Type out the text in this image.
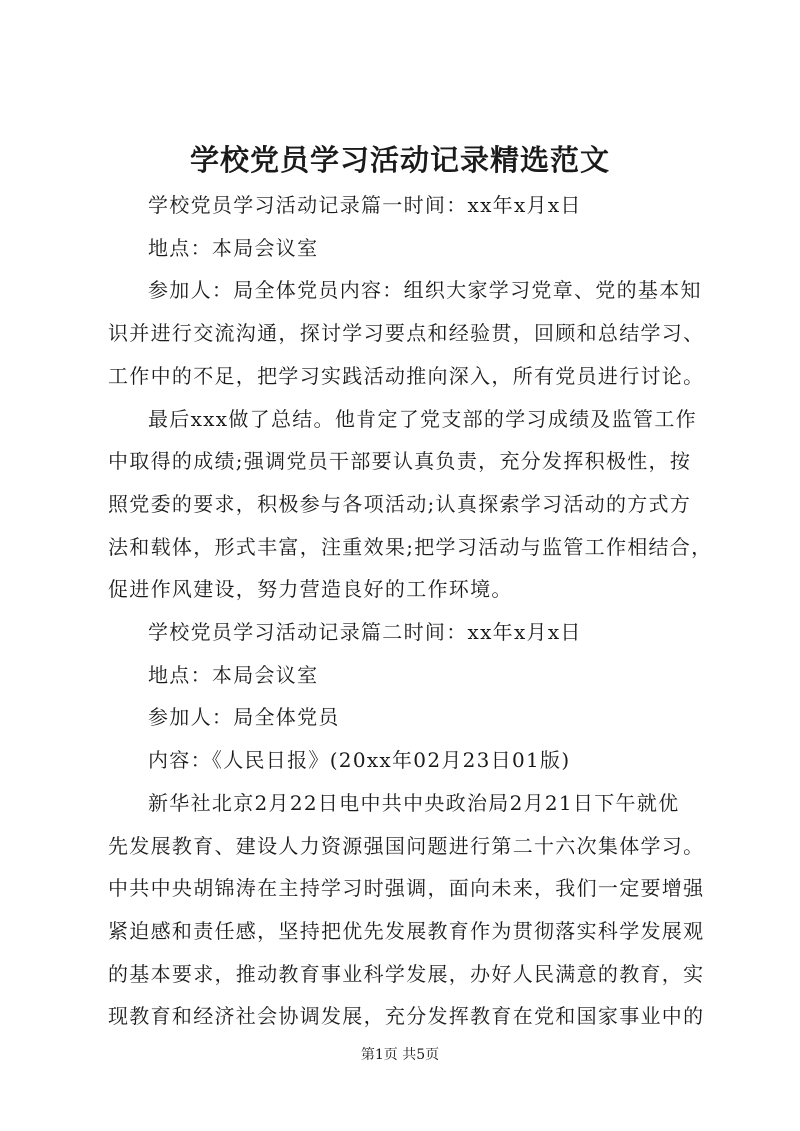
学校党员学习活动记录精选范文
学校党员学习活动记录篇一时间：xx年x月x日
地点：本局会议室
参加人：局全体党员内容：组织大家学习党章、党的基本知
识并进行交流沟通，探讨学习要点和经验贯，回顾和总结学习、
工作中的不足，把学习实践活动推向深入，所有党员进行讨论。
最后xxx做了总结。他肯定了党支部的学习成绩及监管工作
中取得的成绩;强调党员干部要认真负责，充分发挥积极性，按
照党委的要求，积极参与各项活动;认真探索学习活动的方式方
法和载体，形式丰富，注重效果;把学习活动与监管工作相结合，
促进作风建设，努力营造良好的工作环境。
学校党员学习活动记录篇二时间：xx年x月x日
地点：本局会议室
参加人：局全体党员
内容：《人民日报》(20xx年02月23日01版)
新华社北京2月22日电中共中央政治局2月21日下午就优
先发展教育、建设人力资源强国问题进行第二十六次集体学习。
中共中央胡锦涛在主持学习时强调，面向未来，我们一定要增强
紧迫感和责任感，坚持把优先发展教育作为贯彻落实科学发展观
的基本要求，推动教育事业科学发展，办好人民满意的教育，实
现教育和经济社会协调发展，充分发挥教育在党和国家事业中的
第1页 共5页
